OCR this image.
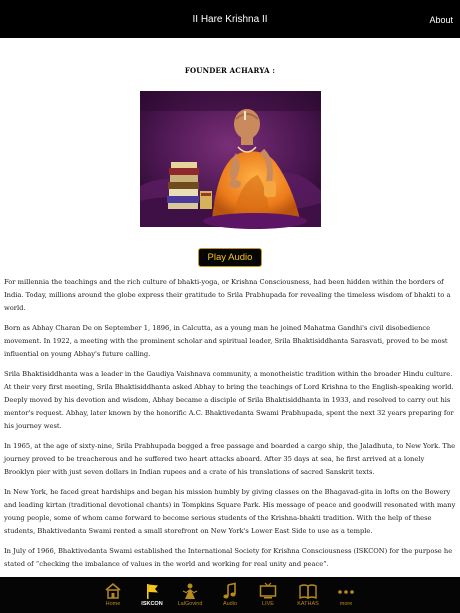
II Hare Krishna II	About
FOUNDER ACHARYA :
Play Audio

For millennia the teachings and the rich culture of bhakti-yoga, or Krishna Consciousness, had been hidden within the borders of India. Today, millions around the globe express their gratitude to Srila Prabhupada for revealing the timeless wisdom of bhakti to a world.

Born as Abhay Charan De on September 1, 1896, in Calcutta, as a young man he joined Mahatma Gandhi's civil disobedience movement. In 1922, a meeting with the prominent scholar and spiritual leader, Srila Bhaktisiddhanta Sarasvati, proved to be most influential on young Abhay's future calling.

Srila Bhaktisiddhanta was a leader in the Gaudiya Vaishnava community, a monotheistic tradition within the broader Hindu culture. At their very first meeting, Srila Bhaktisiddhanta asked Abhay to bring the teachings of Lord Krishna to the English-speaking world. Deeply moved by his devotion and wisdom, Abhay became a disciple of Srila Bhaktisiddhanta in 1933, and resolved to carry out his mentor's request. Abhay, later known by the honorific A.C. Bhaktivedanta Swami Prabhupada, spent the next 32 years preparing for his journey west.

In 1965, at the age of sixty-nine, Srila Prabhupada begged a free passage and boarded a cargo ship, the Jaladhuta, to New York. The journey proved to be treacherous and he suffered two heart attacks aboard. After 35 days at sea, he first arrived at a lonely Brooklyn pier with just seven dollars in Indian rupees and a crate of his translations of sacred Sanskrit texts.

In New York, he faced great hardships and began his mission humbly by giving classes on the Bhagavad-gita in lofts on the Bowery and leading kirtan (traditional devotional chants) in Tompkins Square Park. His message of peace and goodwill resonated with many young people, some of whom came forward to become serious students of the Krishna-bhakti tradition. With the help of these students, Bhaktivedanta Swami rented a small storefront on New York's Lower East Side to use as a temple.

In July of 1966, Bhaktivedanta Swami established the International Society for Krishna Consciousness (ISKCON) for the purpose he stated of “checking the imbalance of values in the world and working for real unity and peace”.

Home	ISKCON	LalGovind	Audio	LIVE	KATHAS	more
